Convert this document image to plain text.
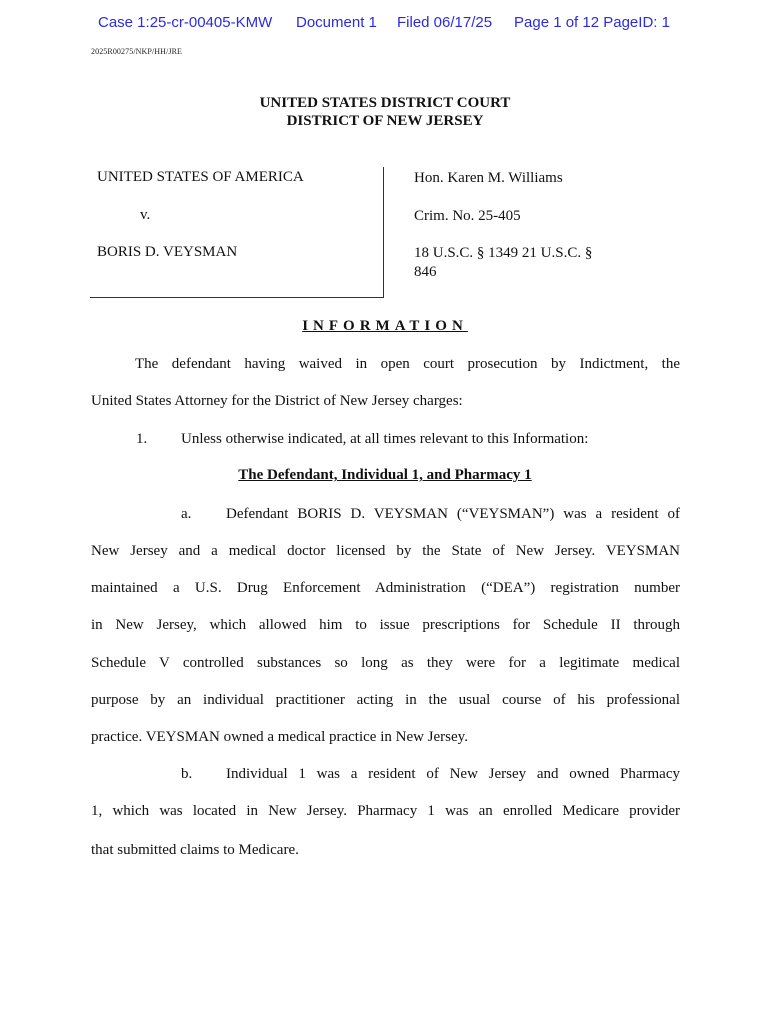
Case 1:25-cr-00405-KMW Document 1 Filed 06/17/25 Page 1 of 12 PageID: 1
2025R00275/NKP/HH/JRE
UNITED STATES DISTRICT COURT
DISTRICT OF NEW JERSEY
UNITED STATES OF AMERICA
v.
BORIS D. VEYSMAN
Hon. Karen M. Williams
Crim. No. 25-405
18 U.S.C. § 1349 21 U.S.C. §
846
INFORMATION
The defendant having waived in open court prosecution by Indictment, the
United States Attorney for the District of New Jersey charges:
1. Unless otherwise indicated, at all times relevant to this Information:
The Defendant, Individual 1, and Pharmacy 1
a. Defendant BORIS D. VEYSMAN (“VEYSMAN”) was a resident of
New Jersey and a medical doctor licensed by the State of New Jersey. VEYSMAN
maintained a U.S. Drug Enforcement Administration (“DEA”) registration number
in New Jersey, which allowed him to issue prescriptions for Schedule II through
Schedule V controlled substances so long as they were for a legitimate medical
purpose by an individual practitioner acting in the usual course of his professional
practice. VEYSMAN owned a medical practice in New Jersey.
b. Individual 1 was a resident of New Jersey and owned Pharmacy
1, which was located in New Jersey. Pharmacy 1 was an enrolled Medicare provider
that submitted claims to Medicare.
